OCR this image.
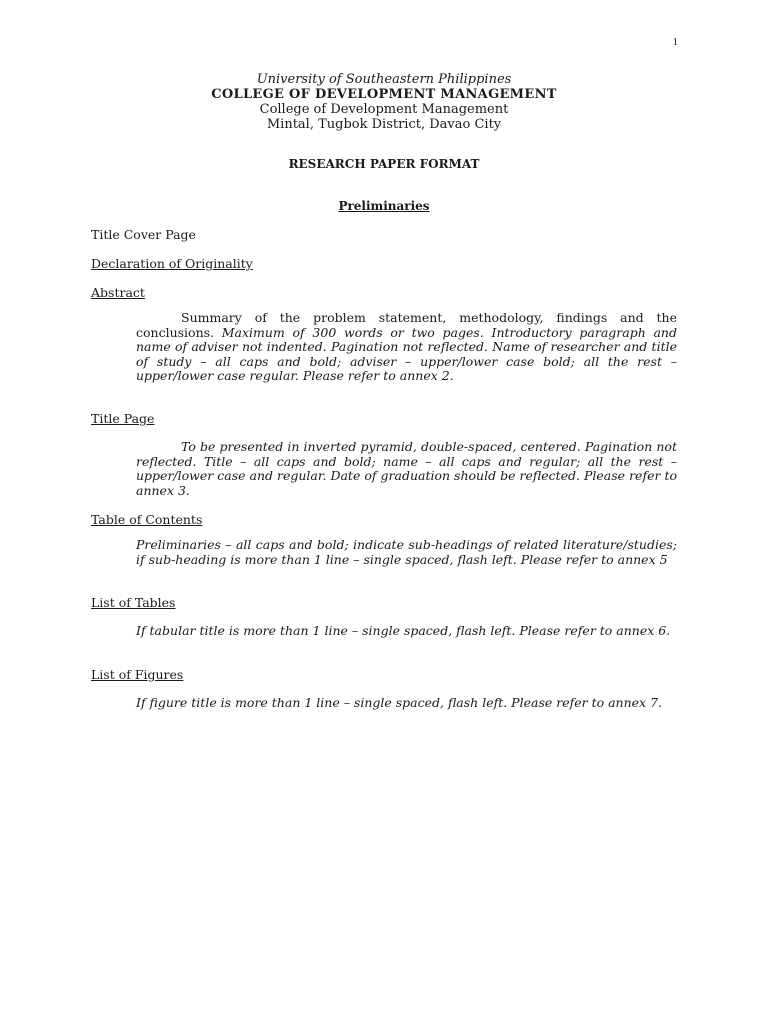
1
University of Southeastern Philippines
COLLEGE OF DEVELOPMENT MANAGEMENT
College of Development Management
Mintal, Tugbok District, Davao City
RESEARCH PAPER FORMAT
Preliminaries
Title Cover Page
Declaration of Originality
Abstract
Summary of the problem statement, methodology, findings and the conclusions. Maximum of 300 words or two pages. Introductory paragraph and name of adviser not indented. Pagination not reflected. Name of researcher and title of study – all caps and bold; adviser – upper/lower case bold; all the rest – upper/lower case regular. Please refer to annex 2.
Title Page
To be presented in inverted pyramid, double-spaced, centered. Pagination not reflected. Title – all caps and bold; name – all caps and regular; all the rest – upper/lower case and regular. Date of graduation should be reflected. Please refer to annex 3.
Table of Contents
Preliminaries – all caps and bold; indicate sub-headings of related literature/studies; if sub-heading is more than 1 line – single spaced, flash left. Please refer to annex 5
List of Tables
If tabular title is more than 1 line – single spaced, flash left. Please refer to annex 6.
List of Figures
If figure title is more than 1 line – single spaced, flash left. Please refer to annex 7.
